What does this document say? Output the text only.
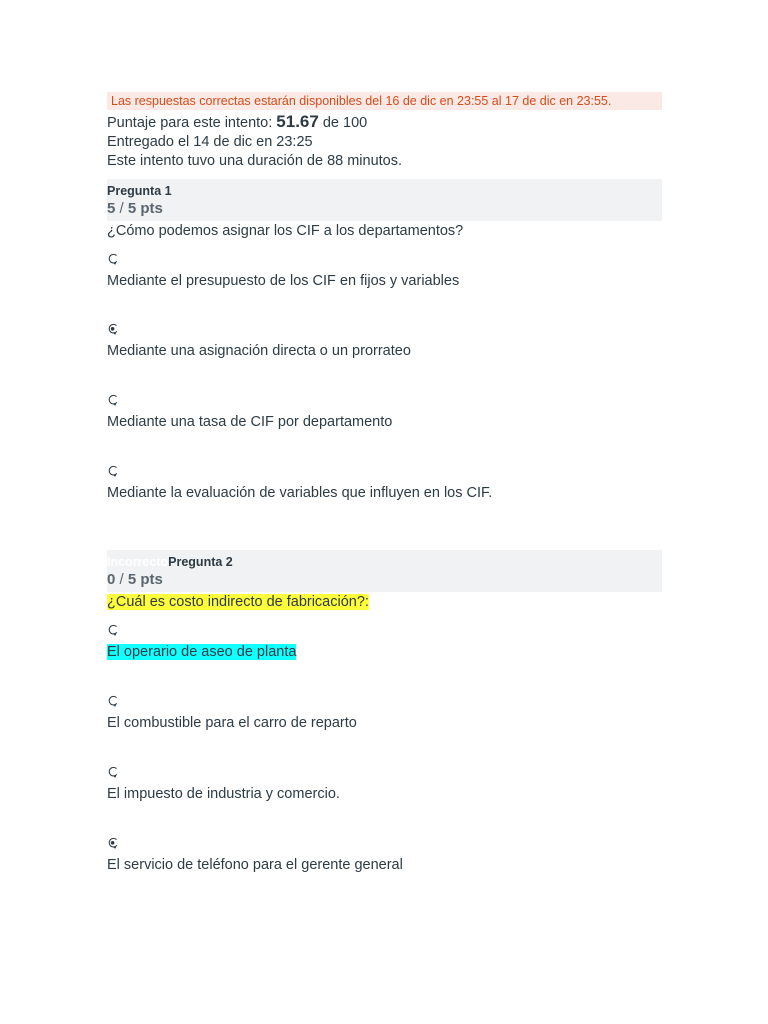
Las respuestas correctas estarán disponibles del 16 de dic en 23:55 al 17 de dic en 23:55.
Puntaje para este intento: 51.67 de 100
Entregado el 14 de dic en 23:25
Este intento tuvo una duración de 88 minutos.
Pregunta 1
5 / 5 pts
¿Cómo podemos asignar los CIF a los departamentos?
Mediante el presupuesto de los CIF en fijos y variables
Mediante una asignación directa o un prorrateo
Mediante una tasa de CIF por departamento
Mediante la evaluación de variables que influyen en los CIF.
IncorrectoPregunta 2
0 / 5 pts
¿Cuál es costo indirecto de fabricación?:
El operario de aseo de planta
El combustible para el carro de reparto
El impuesto de industria y comercio.
El servicio de teléfono para el gerente general
